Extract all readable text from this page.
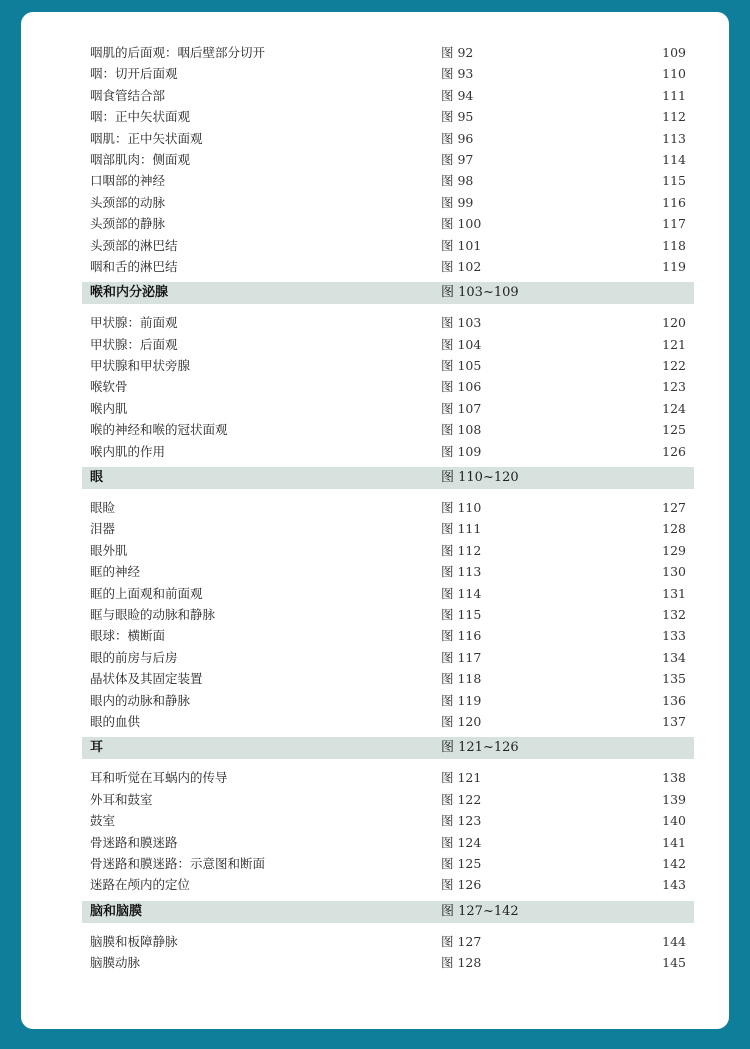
咽肌的后面观：咽后壁部分切开	图 92	109
咽：切开后面观	图 93	110
咽食管结合部	图 94	111
咽：正中矢状面观	图 95	112
咽肌：正中矢状面观	图 96	113
咽部肌肉：侧面观	图 97	114
口咽部的神经	图 98	115
头颈部的动脉	图 99	116
头颈部的静脉	图 100	117
头颈部的淋巴结	图 101	118
咽和舌的淋巴结	图 102	119
喉和内分泌腺	图 103~109
甲状腺：前面观	图 103	120
甲状腺：后面观	图 104	121
甲状腺和甲状旁腺	图 105	122
喉软骨	图 106	123
喉内肌	图 107	124
喉的神经和喉的冠状面观	图 108	125
喉内肌的作用	图 109	126
眼	图 110~120
眼睑	图 110	127
泪器	图 111	128
眼外肌	图 112	129
眶的神经	图 113	130
眶的上面观和前面观	图 114	131
眶与眼睑的动脉和静脉	图 115	132
眼球：横断面	图 116	133
眼的前房与后房	图 117	134
晶状体及其固定装置	图 118	135
眼内的动脉和静脉	图 119	136
眼的血供	图 120	137
耳	图 121~126
耳和听觉在耳蜗内的传导	图 121	138
外耳和鼓室	图 122	139
鼓室	图 123	140
骨迷路和膜迷路	图 124	141
骨迷路和膜迷路：示意图和断面	图 125	142
迷路在颅内的定位	图 126	143
脑和脑膜	图 127~142
脑膜和板障静脉	图 127	144
脑膜动脉	图 128	145
